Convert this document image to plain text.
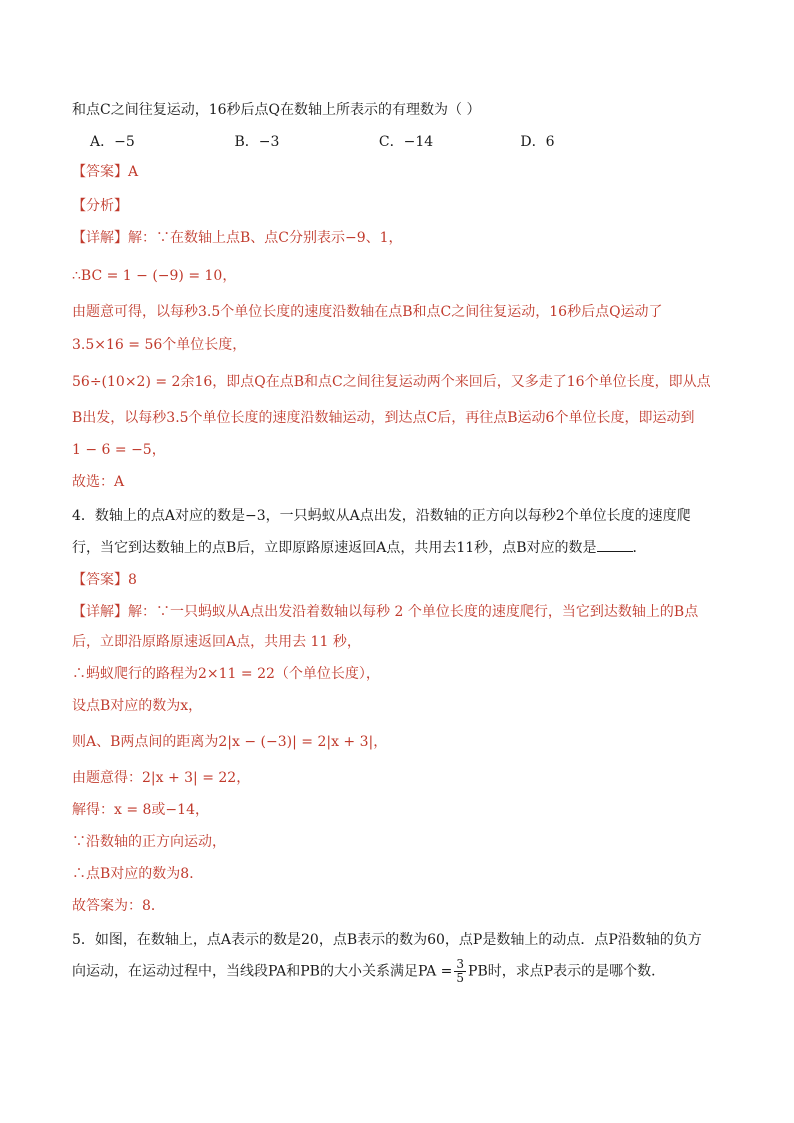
和点C之间往复运动，16秒后点Q在数轴上所表示的有理数为（ ）
A．−5	B．−3	C．−14	D．6
【答案】A
【分析】
【详解】解：∵在数轴上点B、点C分别表示−9、1，
∴BC = 1 − (−9) = 10，
由题意可得，以每秒3.5个单位长度的速度沿数轴在点B和点C之间往复运动，16秒后点Q运动了
3.5×16 = 56个单位长度，
56÷(10×2) = 2余16，即点Q在点B和点C之间往复运动两个来回后，又多走了16个单位长度，即从点
B出发，以每秒3.5个单位长度的速度沿数轴运动，到达点C后，再往点B运动6个单位长度，即运动到
1 − 6 = −5，
故选：A
4．数轴上的点A对应的数是−3，一只蚂蚁从A点出发，沿数轴的正方向以每秒2个单位长度的速度爬
行，当它到达数轴上的点B后，立即原路原速返回A点，共用去11秒，点B对应的数是	．
【答案】8
【详解】解：∵一只蚂蚁从A点出发沿着数轴以每秒 2 个单位长度的速度爬行，当它到达数轴上的B点
后，立即沿原路原速返回A点，共用去 11 秒，
∴蚂蚁爬行的路程为2×11 = 22（个单位长度），
设点B对应的数为x，
则A、B两点间的距离为2|x − (−3)| = 2|x + 3|，
由题意得：2|x + 3| = 22，
解得：x = 8或−14，
∵沿数轴的正方向运动，
∴点B对应的数为8．
故答案为：8．
5．如图，在数轴上，点A表示的数是20，点B表示的数为60，点P是数轴上的动点．点P沿数轴的负方
向运动，在运动过程中，当线段PA和PB的大小关系满足PA = $\frac{3}{5}$ PB时，求点P表示的是哪个数．
